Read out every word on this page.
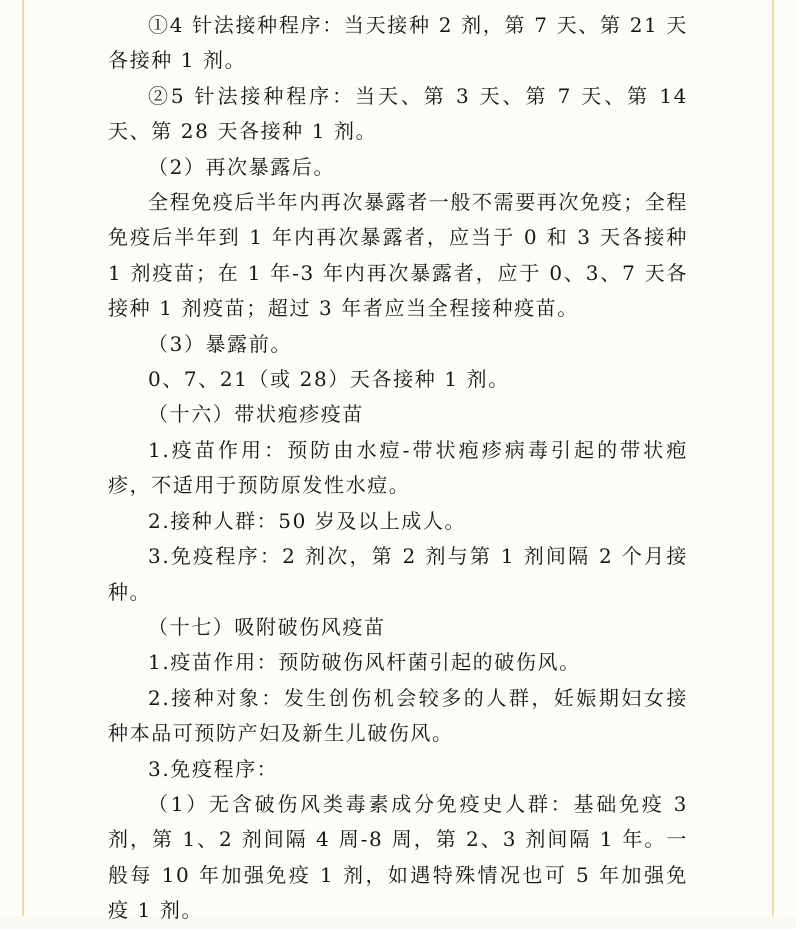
①4 针法接种程序：当天接种 2 剂，第 7 天、第 21 天各接种 1 剂。

②5 针法接种程序：当天、第 3 天、第 7 天、第 14 天、第 28 天各接种 1 剂。

（2）再次暴露后。

全程免疫后半年内再次暴露者一般不需要再次免疫；全程免疫后半年到 1 年内再次暴露者，应当于 0 和 3 天各接种 1 剂疫苗；在 1 年-3 年内再次暴露者，应于 0、3、7 天各接种 1 剂疫苗；超过 3 年者应当全程接种疫苗。

（3）暴露前。

0、7、21（或 28）天各接种 1 剂。

（十六）带状疱疹疫苗

1.疫苗作用：预防由水痘-带状疱疹病毒引起的带状疱疹，不适用于预防原发性水痘。

2.接种人群：50 岁及以上成人。

3.免疫程序：2 剂次，第 2 剂与第 1 剂间隔 2 个月接种。

（十七）吸附破伤风疫苗

1.疫苗作用：预防破伤风杆菌引起的破伤风。

2.接种对象：发生创伤机会较多的人群，妊娠期妇女接种本品可预防产妇及新生儿破伤风。

3.免疫程序：

（1）无含破伤风类毒素成分免疫史人群：基础免疫 3 剂，第 1、2 剂间隔 4 周-8 周，第 2、3 剂间隔 1 年。一般每 10 年加强免疫 1 剂，如遇特殊情况也可 5 年加强免疫 1 剂。
